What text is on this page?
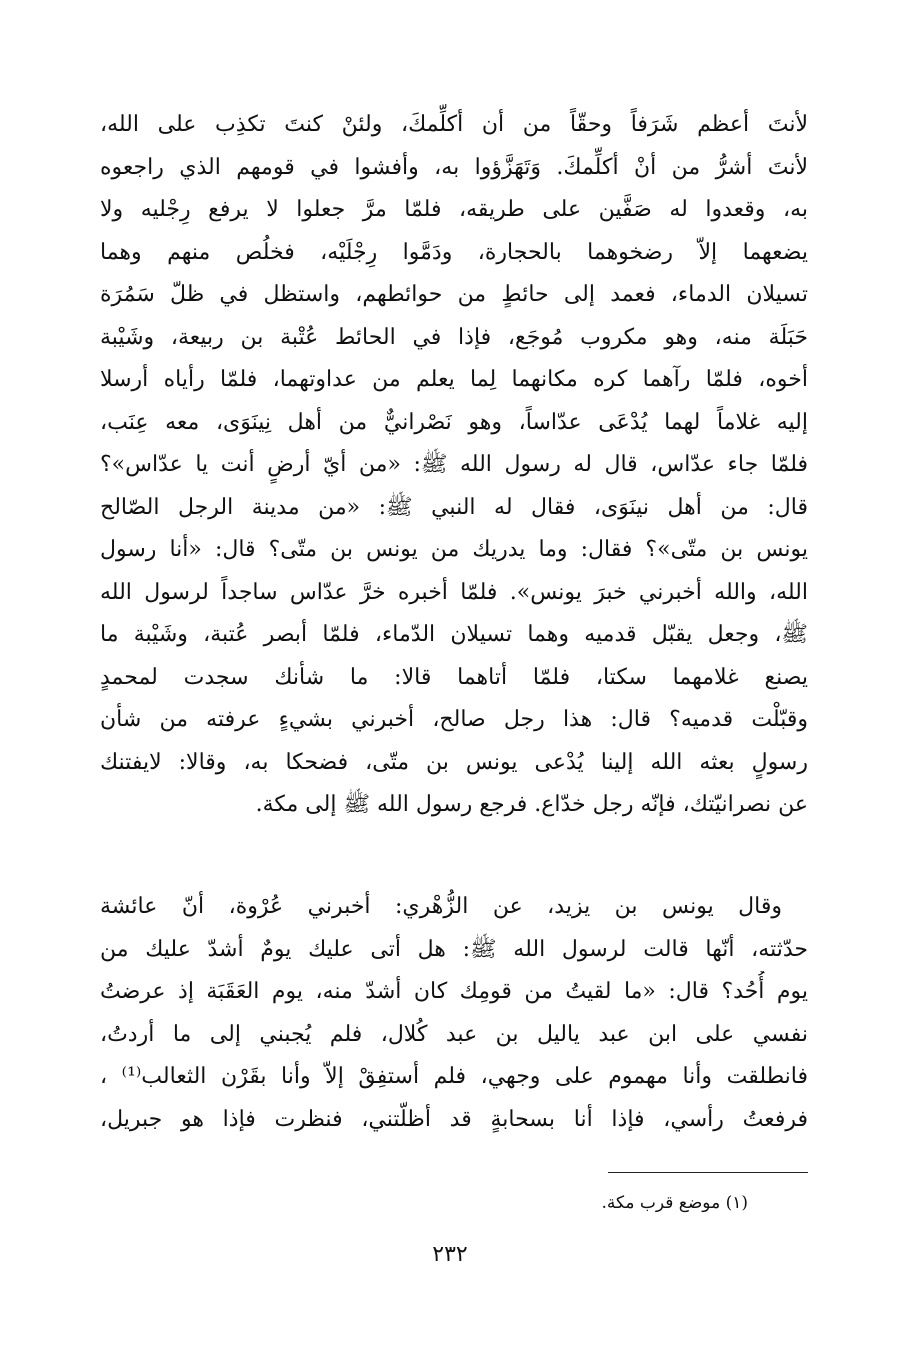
لأنتَ أعظم شَرَفاً وحقّاً من أن أكلِّمكَ، ولئنْ كنتَ تكذِب على الله،
لأنتَ أشرُّ من أنْ أكلِّمكَ. وَتَهَزَّؤوا به، وأفشوا في قومهم الذي راجعوه
به، وقعدوا له صَفَّين على طريقه، فلمّا مرَّ جعلوا لا يرفع رِجْليه ولا
يضعهما إلاّ رضخوهما بالحجارة، ودَمَّوا رِجْلَيْه، فخلُص منهم وهما
تسيلان الدماء، فعمد إلى حائطٍ من حوائطهم، واستظل في ظلّ سَمُرَة
حَبَلَة منه، وهو مكروب مُوجَع، فإذا في الحائط عُتْبة بن ربيعة، وشَيْبة
أخوه، فلمّا رآهما كره مكانهما لِما يعلم من عداوتهما، فلمّا رأياه أرسلا
إليه غلاماً لهما يُدْعَى عدّاساً، وهو نَصْرانيٌّ من أهل نِينَوَى، معه عِنَب،
فلمّا جاء عدّاس، قال له رسول الله ﷺ: «من أيّ أرضٍ أنت يا عدّاس»؟
قال: من أهل نينَوَى، فقال له النبي ﷺ: «من مدينة الرجل الصّالح
يونس بن متّى»؟ فقال: وما يدريك من يونس بن متّى؟ قال: «أنا رسول
الله، والله أخبرني خبرَ يونس». فلمّا أخبره خرَّ عدّاس ساجداً لرسول الله
ﷺ، وجعل يقبّل قدميه وهما تسيلان الدّماء، فلمّا أبصر عُتبة، وشَيْبة ما
يصنع غلامهما سكتا، فلمّا أتاهما قالا: ما شأنك سجدت لمحمدٍ
وقبّلْت قدميه؟ قال: هذا رجل صالح، أخبرني بشيءٍ عرفته من شأن
رسولٍ بعثه الله إلينا يُدْعى يونس بن متّى، فضحكا به، وقالا: لايفتنك
عن نصرانيّتك، فإنّه رجل خدّاع. فرجع رسول الله ﷺ إلى مكة.
وقال يونس بن يزيد، عن الزُّهْري: أخبرني عُرْوة، أنّ عائشة
حدّثته، أنّها قالت لرسول الله ﷺ: هل أتى عليك يومٌ أشدّ عليك من
يوم أُحُد؟ قال: «ما لقيتُ من قومِك كان أشدّ منه، يوم العَقَبَة إذ عرضتُ
نفسي على ابن عبد ياليل بن عبد كُلال، فلم يُجبني إلى ما أردتُ،
فانطلقت وأنا مهموم على وجهي، فلم أستفِقْ إلاّ وأنا بقَرْن الثعالب⁽¹⁾ ،
فرفعتُ رأسي، فإذا أنا بسحابةٍ قد أظلّتني، فنظرت فإذا هو جبريل،
(١) موضع قرب مكة.
٢٣٢
